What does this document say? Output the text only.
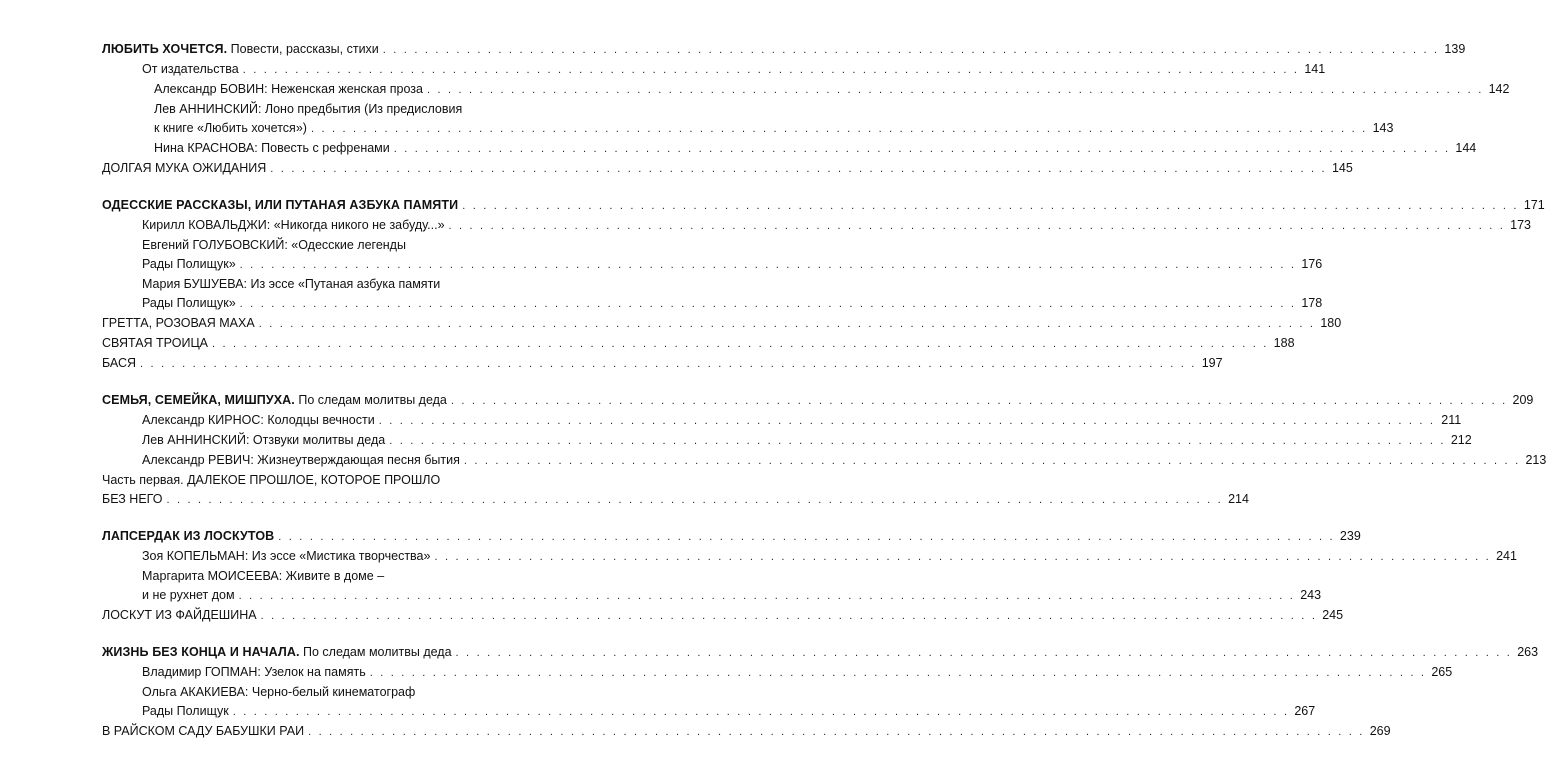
ЛЮБИТЬ ХОЧЕТСЯ. Повести, рассказы, стихи . . .	139
От издательства . . .	141
Александр БОВИН: Неженская женская проза . . .	142
Лев АННИНСКИЙ: Лоно предбытия (Из предисловия
к книге «Любить хочется») . . .	143
Нина КРАСНОВА: Повесть с рефренами . . .	144
ДОЛГАЯ МУКА ОЖИДАНИЯ . . .	145
ОДЕССКИЕ РАССКАЗЫ, ИЛИ ПУТАНАЯ АЗБУКА ПАМЯТИ . . .	171
Кирилл КОВАЛЬДЖИ: «Никогда никого не забуду...» . . .	173
Евгений ГОЛУБОВСКИЙ: «Одесские легенды
Рады Полищук» . . .	176
Мария БУШУЕВА: Из эссе «Путаная азбука памяти
Рады Полищук» . . .	178
ГРЕТТА, РОЗОВАЯ МАХА . . .	180
СВЯТАЯ ТРОИЦА . . .	188
БАСЯ . . .	197
СЕМЬЯ, СЕМЕЙКА, МИШПУХА. По следам молитвы деда . . .	209
Александр КИРНОС: Колодцы вечности . . .	211
Лев АННИНСКИЙ: Отзвуки молитвы деда . . .	212
Александр РЕВИЧ: Жизнеутверждающая песня бытия . . .	213
Часть первая. ДАЛЕКОЕ ПРОШЛОЕ, КОТОРОЕ ПРОШЛО
БЕЗ НЕГО . . .	214
ЛАПСЕРДАК ИЗ ЛОСКУТОВ . . .	239
Зоя КОПЕЛЬМАН: Из эссе «Мистика творчества» . . .	241
Маргарита МОИСЕЕВА: Живите в доме –
и не рухнет дом . . .	243
ЛОСКУТ ИЗ ФАЙДЕШИНА . . .	245
ЖИЗНЬ БЕЗ КОНЦА И НАЧАЛА. По следам молитвы деда . . .	263
Владимир ГОПМАН: Узелок на память . . .	265
Ольга АКАКИЕВА: Черно-белый кинематограф
Рады Полищук . . .	267
В РАЙСКОМ САДУ БАБУШКИ РАИ . . .	269
